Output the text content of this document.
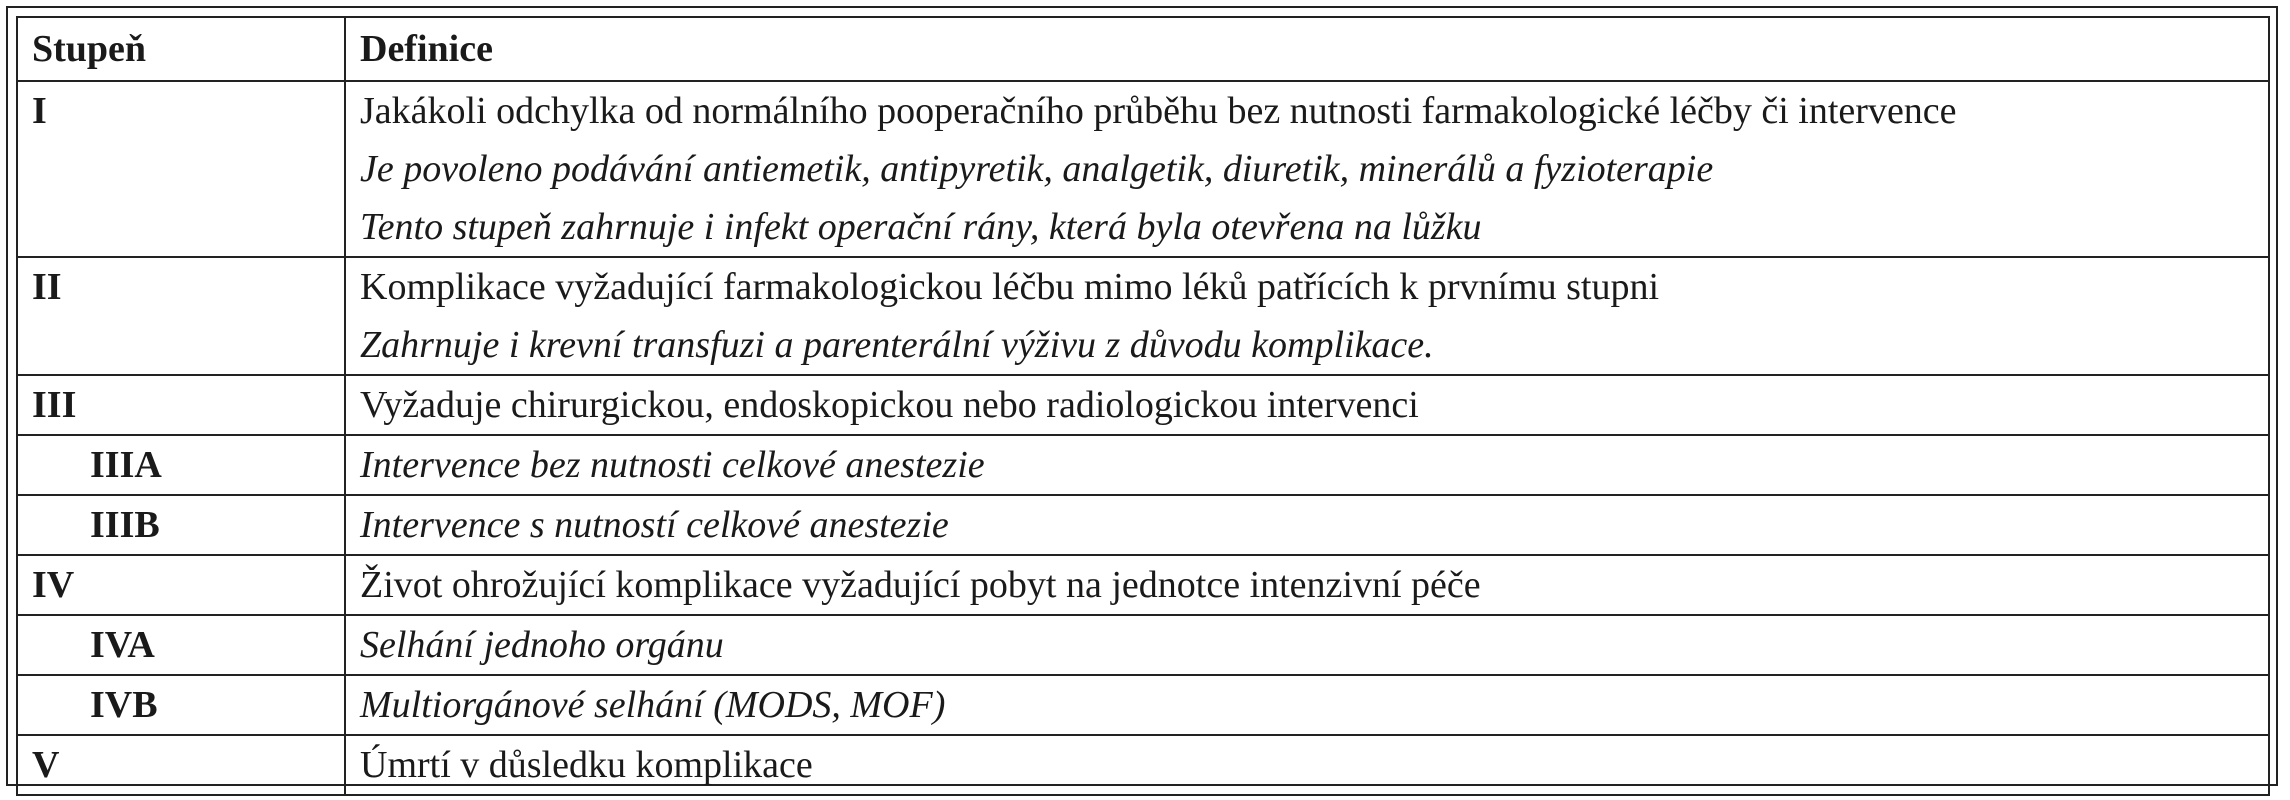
Stupeň	Definice
I	Jakákoli odchylka od normálního pooperačního průběhu bez nutnosti farmakologické léčby či intervence
Je povoleno podávání antiemetik, antipyretik, analgetik, diuretik, minerálů a fyzioterapie
Tento stupeň zahrnuje i infekt operační rány, která byla otevřena na lůžku

II	Komplikace vyžadující farmakologickou léčbu mimo léků patřících k prvnímu stupni
Zahrnuje i krevní transfuzi a parenterální výživu z důvodu komplikace.

III	Vyžaduje chirurgickou, endoskopickou nebo radiologickou intervenci

IIIA	Intervence bez nutnosti celkové anestezie

IIIB	Intervence s nutností celkové anestezie

IV	Život ohrožující komplikace vyžadující pobyt na jednotce intenzivní péče

IVA	Selhání jednoho orgánu

IVB	Multiorgánové selhání (MODS, MOF)

V	Úmrtí v důsledku komplikace
